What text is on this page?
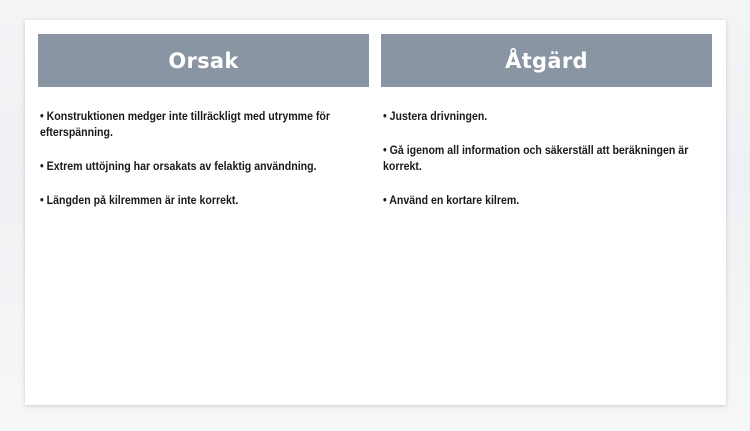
Orsak
• Konstruktionen medger inte tillräckligt med utrymme för efterspänning.
• Extrem uttöjning har orsakats av felaktig användning.
• Längden på kilremmen är inte korrekt.
Åtgärd
• Justera drivningen.
• Gå igenom all information och säkerställ att beräkningen är korrekt.
• Använd en kortare kilrem.
